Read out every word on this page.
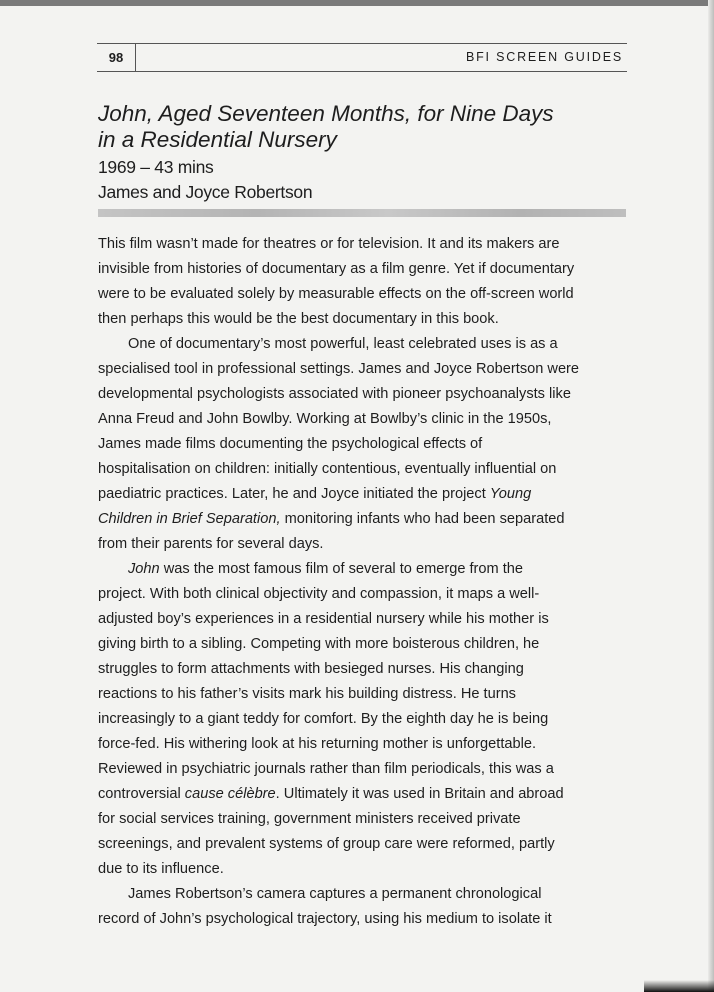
98	BFI SCREEN GUIDES
John, Aged Seventeen Months, for Nine Days
in a Residential Nursery
1969 – 43 mins
James and Joyce Robertson

This film wasn’t made for theatres or for television. It and its makers are
invisible from histories of documentary as a film genre. Yet if documentary
were to be evaluated solely by measurable effects on the off-screen world
then perhaps this would be the best documentary in this book.

One of documentary’s most powerful, least celebrated uses is as a
specialised tool in professional settings. James and Joyce Robertson were
developmental psychologists associated with pioneer psychoanalysts like
Anna Freud and John Bowlby. Working at Bowlby’s clinic in the 1950s,
James made films documenting the psychological effects of
hospitalisation on children: initially contentious, eventually influential on
paediatric practices. Later, he and Joyce initiated the project Young
Children in Brief Separation, monitoring infants who had been separated
from their parents for several days.

John was the most famous film of several to emerge from the
project. With both clinical objectivity and compassion, it maps a well-
adjusted boy’s experiences in a residential nursery while his mother is
giving birth to a sibling. Competing with more boisterous children, he
struggles to form attachments with besieged nurses. His changing
reactions to his father’s visits mark his building distress. He turns
increasingly to a giant teddy for comfort. By the eighth day he is being
force-fed. His withering look at his returning mother is unforgettable.
Reviewed in psychiatric journals rather than film periodicals, this was a
controversial cause célèbre. Ultimately it was used in Britain and abroad
for social services training, government ministers received private
screenings, and prevalent systems of group care were reformed, partly
due to its influence.

James Robertson’s camera captures a permanent chronological
record of John’s psychological trajectory, using his medium to isolate it
